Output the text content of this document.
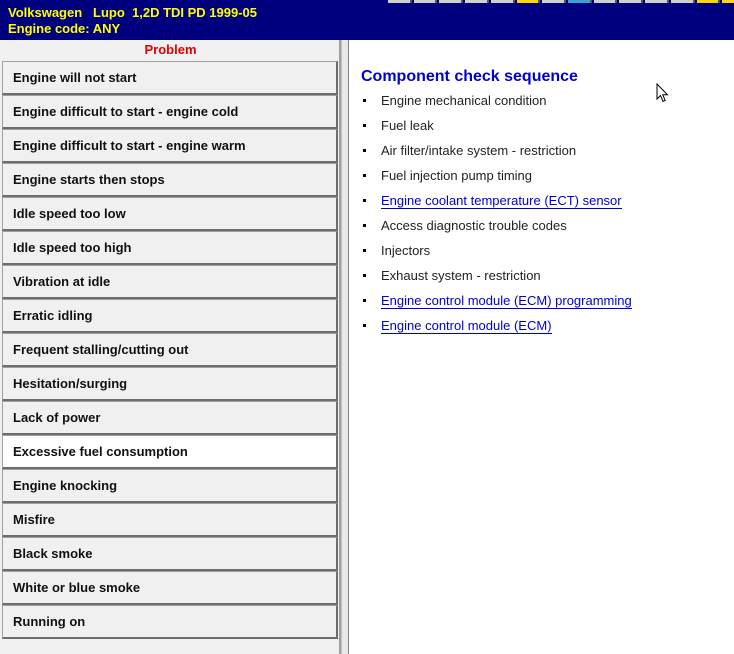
Volkswagen   Lupo  1,2D TDI PD 1999-05
Engine code: ANY
Problem
Engine will not start
Engine difficult to start - engine cold
Engine difficult to start - engine warm
Engine starts then stops
Idle speed too low
Idle speed too high
Vibration at idle
Erratic idling
Frequent stalling/cutting out
Hesitation/surging
Lack of power
Excessive fuel consumption
Engine knocking
Misfire
Black smoke
White or blue smoke
Running on
Component check sequence
Engine mechanical condition
Fuel leak
Air filter/intake system - restriction
Fuel injection pump timing
Engine coolant temperature (ECT) sensor
Access diagnostic trouble codes
Injectors
Exhaust system - restriction
Engine control module (ECM) programming
Engine control module (ECM)
